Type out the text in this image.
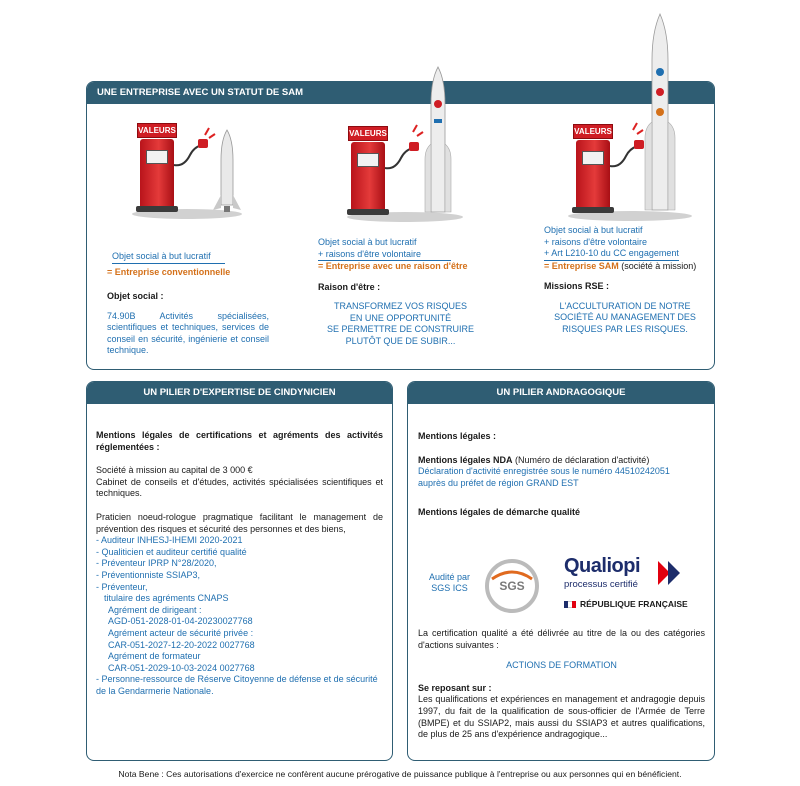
UNE ENTREPRISE AVEC UN STATUT DE SAM
VALEURS	VALEURS	VALEURS
Objet social à but lucratif
= Entreprise conventionnelle
Objet social :
74.90B Activités spécialisées, scientifiques et techniques, services de conseil en sécurité, ingénierie et conseil technique.
Objet social à but lucratif
+ raisons d'être volontaire
= Entreprise avec une raison d'être
Raison d'être :
TRANSFORMEZ VOS RISQUES
EN UNE OPPORTUNITÉ
SE PERMETTRE DE CONSTRUIRE
PLUTÔT QUE DE SUBIR...
Objet social à but lucratif
+ raisons d'être volontaire
+ Art L210-10 du CC engagement
= Entreprise SAM (société à mission)
Missions RSE :
L'ACCULTURATION DE NOTRE
SOCIÉTÉ AU MANAGEMENT DES
RISQUES PAR LES RISQUES.
UN PILIER D'EXPERTISE DE CINDYNICIEN
Mentions légales de certifications et agréments des activités réglementées :
Société à mission au capital de 3 000 €
Cabinet de conseils et d'études, activités spécialisées scientifiques et techniques.
Praticien noeud-rologue pragmatique facilitant le management de prévention des risques et sécurité des personnes et des biens,
- Auditeur INHESJ-IHEMI 2020-2021
- Qualiticien et auditeur certifié qualité
- Préventeur IPRP N°28/2020,
- Préventionniste SSIAP3,
- Préventeur,
titulaire des agréments CNAPS
Agrément de dirigeant :
AGD-051-2028-01-04-20230027768
Agrément acteur de sécurité privée :
CAR-051-2027-12-20-2022 0027768
Agrément de formateur
CAR-051-2029-10-03-2024 0027768
- Personne-ressource de Réserve Citoyenne de défense et de sécurité de la Gendarmerie Nationale.
UN PILIER ANDRAGOGIQUE
Mentions légales :
Mentions légales NDA (Numéro de déclaration d'activité)
Déclaration d'activité enregistrée sous le numéro 44510242051
auprès du préfet de région GRAND EST
Mentions légales de démarche qualité
Audité par
SGS ICS	SGS
Qualiopi
processus certifié
RÉPUBLIQUE FRANÇAISE
La certification qualité a été délivrée au titre de la ou des catégories d'actions suivantes :
ACTIONS DE FORMATION
Se reposant sur :
Les qualifications et expériences en management et andragogie depuis 1997, du fait de la qualification de sous-officier de l'Armée de Terre (BMPE) et du SSIAP2, mais aussi du SSIAP3 et autres qualifications, de plus de 25 ans d'expérience andragogique...
Nota Bene : Ces autorisations d'exercice ne confèrent aucune prérogative de puissance publique à l'entreprise ou aux personnes qui en bénéficient.
